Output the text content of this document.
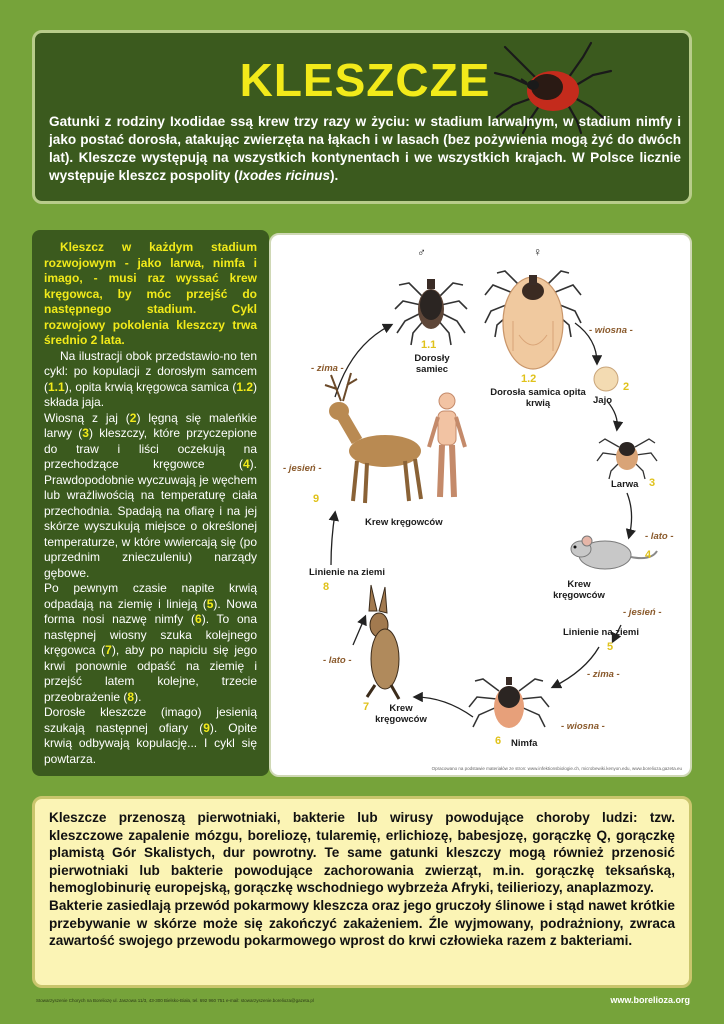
KLESZCZE
Gatunki z rodziny Ixodidae ssą krew trzy razy w życiu: w stadium larwalnym, w stadium nimfy i jako postać dorosła, atakując zwierzęta na łąkach i w lasach (bez pożywienia mogą żyć do dwóch lat). Kleszcze występują na wszystkich kontynentach i we wszystkich krajach. W Polsce licznie występuje kleszcz pospolity (Ixodes ricinus).

Kleszcz w każdym stadium rozwojowym - jako larwa, nimfa i imago, - musi raz wyssać krew kręgowca, by móc przejść do następnego stadium. Cykl rozwojowy pokolenia kleszczy trwa średnio 2 lata.

Na ilustracji obok przedstawio-no ten cykl: po kopulacji z dorosłym samcem (1.1), opita krwią kręgowca samica (1.2) składa jaja.

Wiosną z jaj (2) lęgną się maleńkie larwy (3) kleszczy, które przyczepione do traw i liści oczekują na przechodzące kręgowce (4). Prawdopodobnie wyczuwają je węchem lub wrażliwością na temperaturę ciała przechodnia. Spadają na ofiarę i na jej skórze wyszukują miejsce o określonej temperaturze, w które wwiercają się (po uprzednim znieczuleniu) narządy gębowe.

Po pewnym czasie napite krwią odpadają na ziemię i linieją (5). Nowa forma nosi nazwę nimfy (6). To ona następnej wiosny szuka kolejnego kręgowca (7), aby po napiciu się jego krwi ponownie odpaść na ziemię i przejść latem kolejne, trzecie przeobrażenie (8).

Dorosłe kleszcze (imago) jesienią szukają następnej ofiary (9). Opite krwią odbywają kopulację... I cykl się powtarza.

♂	♀
1.1
Dorosły samiec
1.2
Dorosła samica opita krwią
- wiosna -
2
Jajo
Larwa 3
- lato -
4
Krew kręgowców
- jesień -
Linienie na ziemi
5
- zima -
- wiosna -
6 Nimfa
7	Krew kręgowców
- lato -
8
Linienie na ziemi
- jesień -
9
Krew kręgowców
- zima -
Opracowano na podstawie materiałów ze stron: www.infektionsbiologie.ch, microbewiki.kenyon.edu, www.borelioza.gazeta.eu

Kleszcze przenoszą pierwotniaki, bakterie lub wirusy powodujące choroby ludzi: tzw. kleszczowe zapalenie mózgu, boreliozę, tularemię, erlichiozę, babesjozę, gorączkę Q, gorączkę plamistą Gór Skalistych, dur powrotny. Te same gatunki kleszczy mogą również przenosić pierwotniaki lub bakterie powodujące zachorowania zwierząt, m.in. gorączkę teksańską, hemoglobinurię europejską, gorączkę wschodniego wybrzeża Afryki, teilieriozy, anaplazmozy.

Bakterie zasiedlają przewód pokarmowy kleszcza oraz jego gruczoły ślinowe i stąd nawet krótkie przebywanie w skórze może się zakończyć zakażeniem. Źle wyjmowany, podrażniony, zwraca zawartość swojego przewodu pokarmowego wprost do krwi człowieka razem z bakteriami.

Stowarzyszenie Chorych na Boreliozę ul. Jaszowa 11/3, 43-300 Bielsko-Biała, tel. 692 960 751 e-mail: stowarzyszenie.borelioza@gazeta.pl	www.borelioza.org
